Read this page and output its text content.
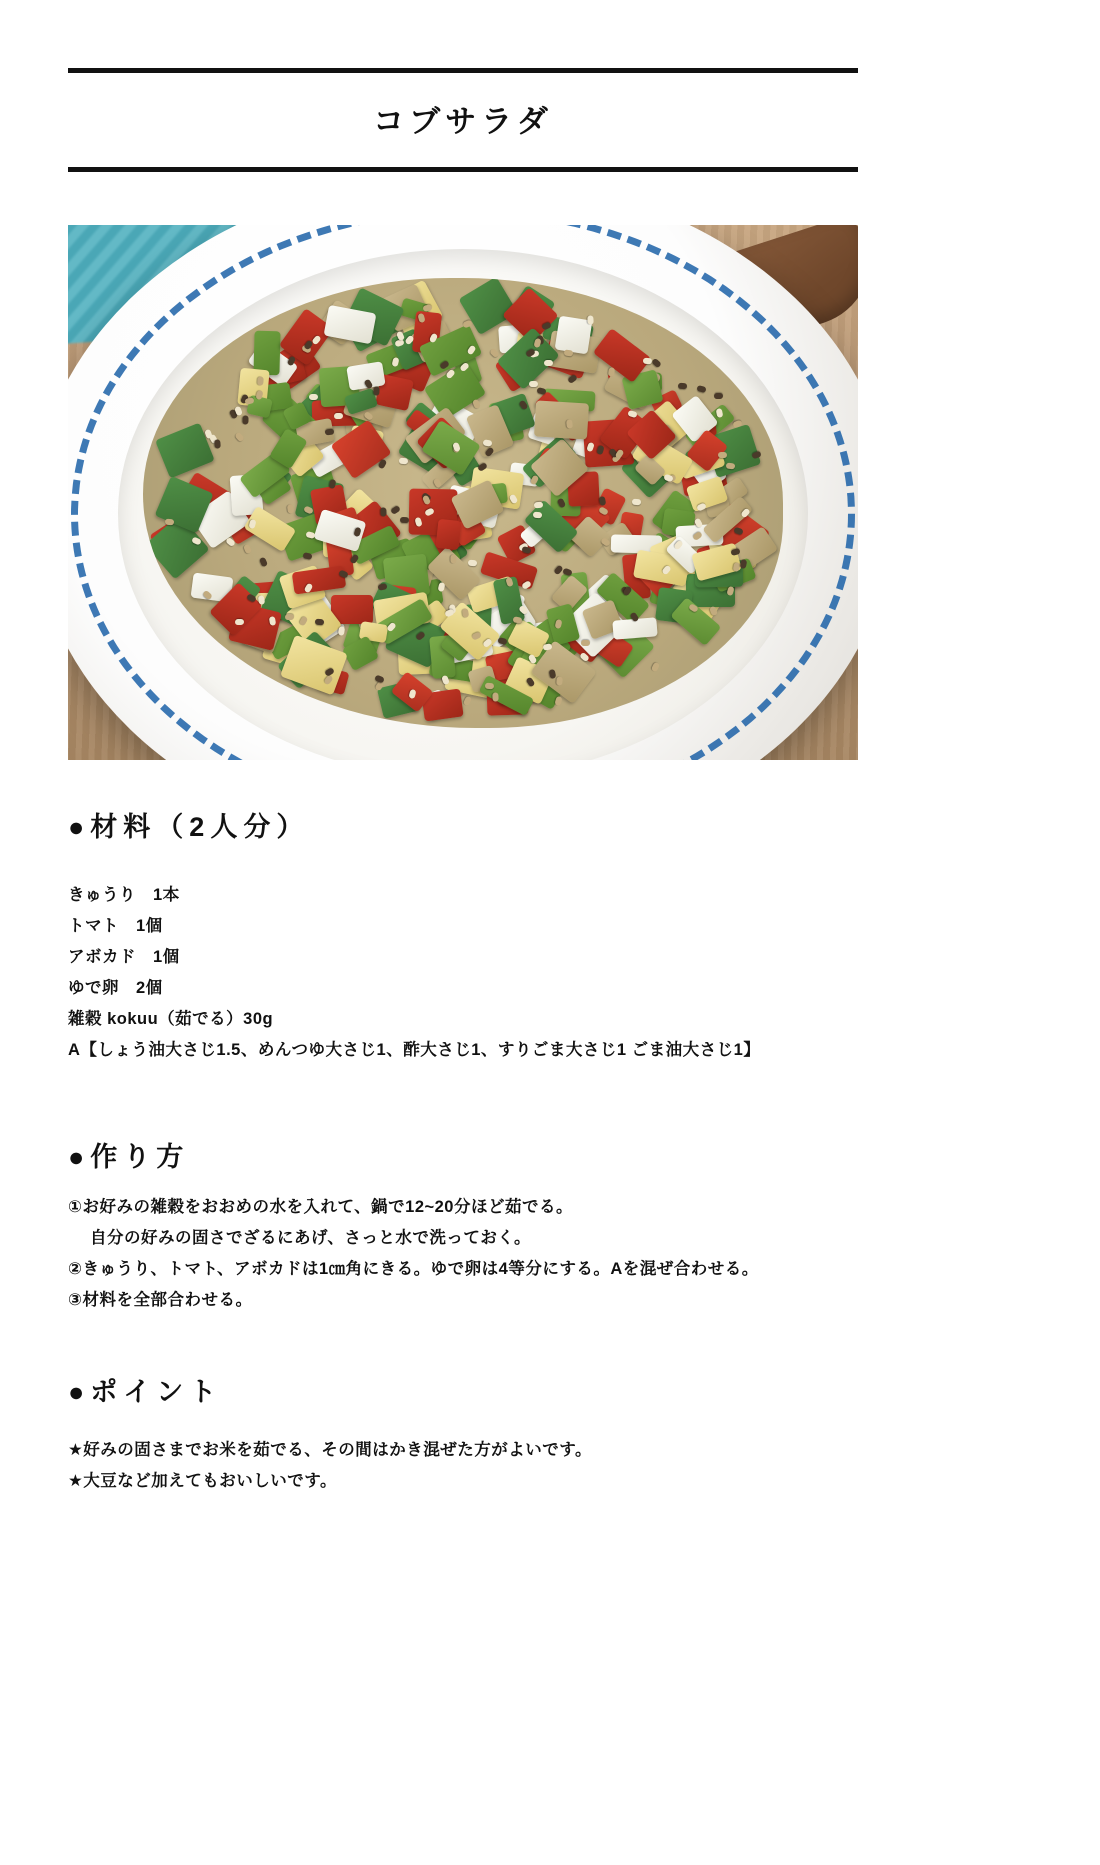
コブサラダ
●材料（2人分）
きゅうり　1本
トマト　1個
アボカド　1個
ゆで卵　2個
雑穀 kokuu（茹でる）30g
A【しょう油大さじ1.5、めんつゆ大さじ1、酢大さじ1、すりごま大さじ1 ごま油大さじ1】
●作り方
①お好みの雑穀をおおめの水を入れて、鍋で12~20分ほど茹でる。
自分の好みの固さでざるにあげ、さっと水で洗っておく。
②きゅうり、トマト、アボカドは1㎝角にきる。ゆで卵は4等分にする。Aを混ぜ合わせる。
③材料を全部合わせる。
●ポイント
★好みの固さまでお米を茹でる、その間はかき混ぜた方がよいです。
★大豆など加えてもおいしいです。
